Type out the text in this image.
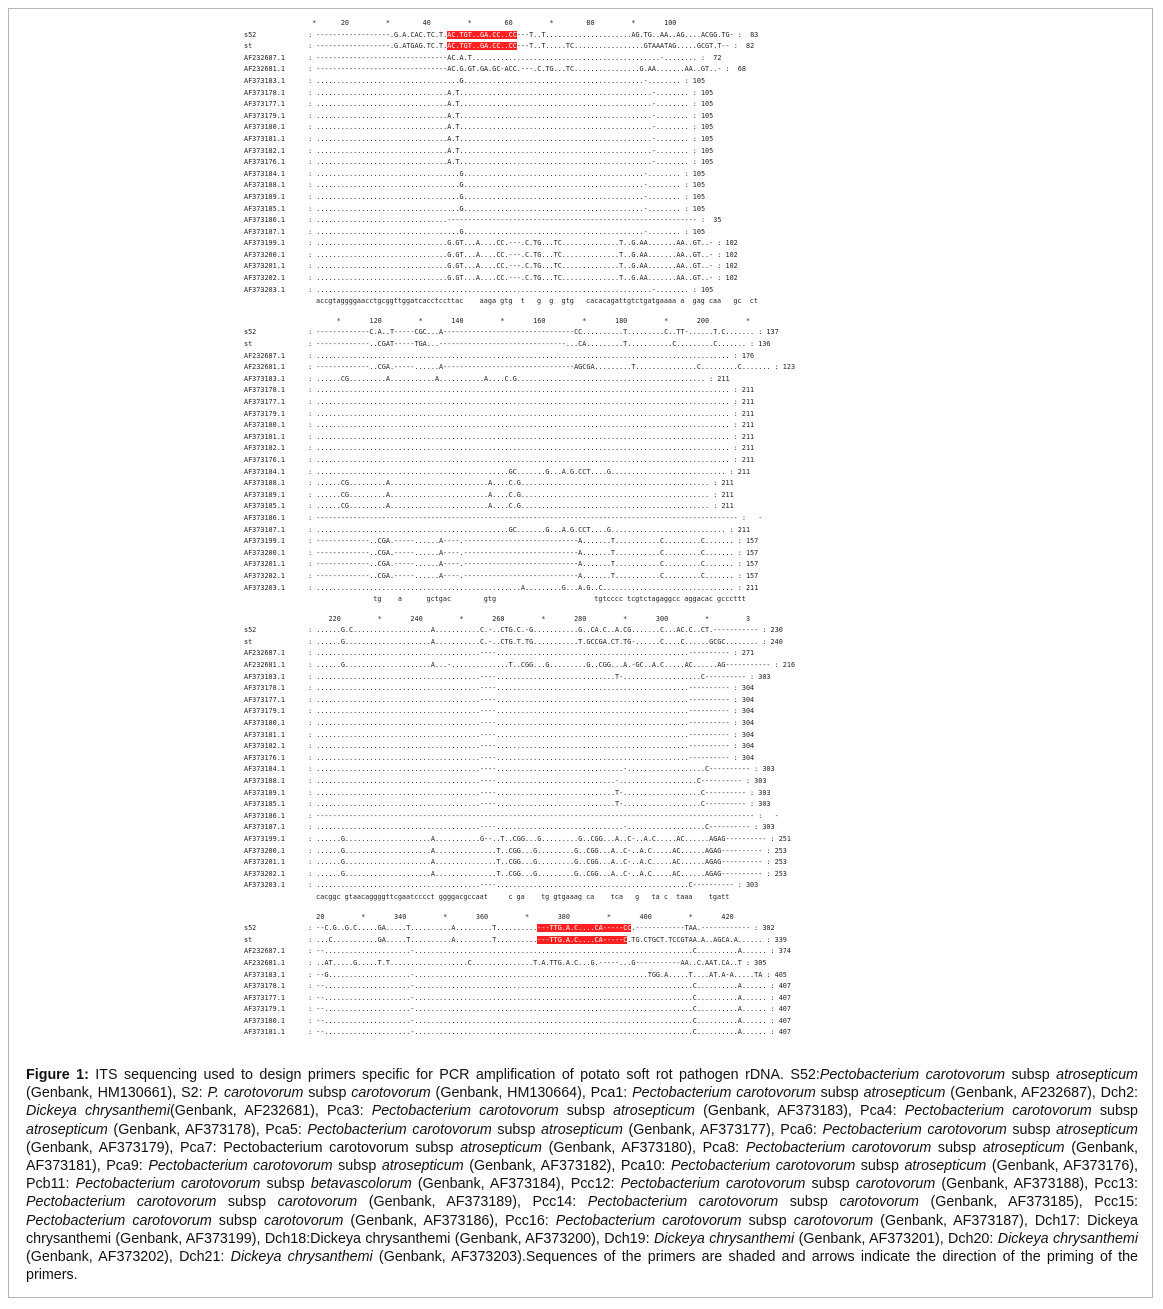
*      20         *        40         *        60         *        80         *       100
s52	: ------------------.G.A.CAC.TC.T.AC.TGT..GA.CC..CC---T..T.....................AG.TG..AA..AG....ACGG.TG- :  83
st	: ------------------.G.ATGAG.TC.T.AC.TGT..GA.CC..CC---T..T.....TC.................GTAAATAG.....GCGT.T-- :  82
AF232687.1	: --------------------------------AC.A.T..............................................-........ :  72
AF232681.1	: --------------------------------AC.G.GT.GA.GC-ACC.---.C.TG...TC................G.AA.......AA..GT..- :  68
AF373183.1	: ...................................G............................................-........ : 105
AF373178.1	: ................................A.T...............................................-........ : 105
AF373177.1	: ................................A.T...............................................-........ : 105
AF373179.1	: ................................A.T...............................................-........ : 105
AF373180.1	: ................................A.T...............................................-........ : 105
AF373181.1	: ................................A.T...............................................-........ : 105
AF373182.1	: ................................A.T...............................................-........ : 105
AF373176.1	: ................................A.T...............................................-........ : 105
AF373184.1	: ...................................G............................................-........ : 105
AF373188.1	: ...................................G............................................-........ : 105
AF373189.1	: ...................................G............................................-........ : 105
AF373185.1	: ...................................G............................................-........ : 105
AF373186.1	: ................................------------------------------------------------------------- :  35
AF373187.1	: ...................................G............................................-........ : 105
AF373199.1	: ................................G.GT...A....CC.---.C.TG...TC..............T..G.AA.......AA..GT..- : 102
AF373200.1	: ................................G.GT...A....CC.---.C.TG...TC..............T..G.AA.......AA..GT..- : 102
AF373201.1	: ................................G.GT...A....CC.---.C.TG...TC..............T..G.AA.......AA..GT..- : 102
AF373202.1	: ................................G.GT...A....CC.---.C.TG...TC..............T..G.AA.......AA..GT..- : 102
AF373203.1	: ..................................................................................-........ : 105
accgtaggggaacctgcggttggatcacctccttac    aaga gtg  t   g  g  gtg   cacacagattgtctgatgaaaa a  gag caa   gc  ct
*       120         *       140         *       160         *       180         *       200         *
s52	: -------------C.A..T-----CGC...A--------------------------------CC..........T.........C..TT-......T.C....... : 137
st	: -------------..CGAT-----TGA...-------------------------------...CA.........T...........C.........C....... : 136
AF232687.1	: ..................................................................................................... : 176
AF232681.1	: -------------..CGA.-----......A--------------------------------AGCGA.........T...............C.........C....... : 123
AF373183.1	: ......CG.........A...........A...........A....C.G.............................................. : 211
AF373178.1	: ..................................................................................................... : 211
AF373177.1	: ..................................................................................................... : 211
AF373179.1	: ..................................................................................................... : 211
AF373180.1	: ..................................................................................................... : 211
AF373181.1	: ..................................................................................................... : 211
AF373182.1	: ..................................................................................................... : 211
AF373176.1	: ..................................................................................................... : 211
AF373184.1	: ...............................................GC.......G...A.G.CCT....G............................ : 211
AF373188.1	: ......CG.........A........................A....C.G.............................................. : 211
AF373189.1	: ......CG.........A........................A....C.G.............................................. : 211
AF373185.1	: ......CG.........A........................A....C.G.............................................. : 211
AF373186.1	: ------------------------------------------------------------------------------------------------------- :   -
AF373187.1	: ...............................................GC.......G...A.G.CCT....G............................ : 211
AF373199.1	: -------------..CGA.-----......A----.----------------------------A.......T...........C.........C....... : 157
AF373200.1	: -------------..CGA.-----......A----.----------------------------A.......T...........C.........C....... : 157
AF373201.1	: -------------..CGA.-----......A----.----------------------------A.......T...........C.........C....... : 157
AF373202.1	: -------------..CGA.-----......A----.----------------------------A.......T...........C.........C....... : 157
AF373203.1	: ..................................................A.........G...A.G..C................................ : 211
tg    a      gctgac        gtg                        tgtcccc tcgtctagaggcc aggacac gcccttt
220         *       240         *       260         *       280         *       300         *         3
s52	: ......G.C...................A...........C.-..CTG.C.-G...........G..CA.C..A.CG.......C...AC.C..CT.----------- : 230
st	: ......G.....................A...........C.-..CTG.T.TG...........T.GCCGA.CT.TG-......C....C......GCGC........ : 240
AF232687.1	: ........................................----...............................................---------- : 271
AF232681.1	: ......G.....................A...-..............T..CGG...G.........G..CGG...A.-GC..A.C.....AC......AG----------- : 216
AF373183.1	: ........................................----.............................T-...................C---------- : 303
AF373178.1	: ........................................----...............................................---------- : 304
AF373177.1	: ........................................----...............................................---------- : 304
AF373179.1	: ........................................----...............................................---------- : 304
AF373180.1	: ........................................----...............................................---------- : 304
AF373181.1	: ........................................----...............................................---------- : 304
AF373182.1	: ........................................----...............................................---------- : 304
AF373176.1	: ........................................----...............................................---------- : 304
AF373184.1	: ........................................----...............................-...................C---------- : 303
AF373188.1	: ........................................----.............................-...................C---------- : 303
AF373189.1	: ........................................----.............................T-...................C---------- : 303
AF373185.1	: ........................................----.............................T-...................C---------- : 303
AF373186.1	: ----------------------------------------------------------------------------------------------------------- :   -
AF373187.1	: ........................................----...............................-...................C---------- : 303
AF373199.1	: ......G.....................A...........G--..T..CGG...G.........G..CGG...A..C-..A.C.....AC......AGAG---------- : 251
AF373200.1	: ......G.....................A...............T..CGG...G.........G..CGG...A..C-..A.C.....AC......AGAG---------- : 253
AF373201.1	: ......G.....................A...............T..CGG...G.........G..CGG...A..C-..A.C.....AC......AGAG---------- : 253
AF373202.1	: ......G.....................A...............T..CGG...G.........G..CGG...A..C-..A.C.....AC......AGAG---------- : 253
AF373203.1	: ........................................----...............................................C---------- : 303
cacggc gtaacaggggttcgaatcccct ggggacgccaat     c ga    tg gtgaaag ca    tca   g   ta c  taaa    tgatt
20         *       340         *       360         *       380         *       400         *       420
s52	: --C.G..G.C.....GA.....T..........A.........T..........---TTG.A.C....CA-----CC.------------TAA.------------ : 302
st	: ...C...........GA.....T..........A.........T..........---TTG.A.C....CA-----C.TG.CTGCT.TCCGTAA.A..AGCA.A...... : 339
AF232687.1	: --.....................-....................................................................C..........A...... : 374
AF232681.1	: ..AT.....G.....T.T...................C...............T.A.TTG.A.C...G.-----...G-----------AA..C.AAT.CA..T : 305
AF373183.1	: --G....................-.........................................................TGG.A.....T....AT.A-A.....TA : 405
AF373178.1	: --.....................-....................................................................C..........A...... : 407
AF373177.1	: --.....................-....................................................................C..........A...... : 407
AF373179.1	: --.....................-....................................................................C..........A...... : 407
AF373180.1	: --.....................-....................................................................C..........A...... : 407
AF373181.1	: --.....................-....................................................................C..........A...... : 407
Figure 1: ITS sequencing used to design primers specific for PCR amplification of potato soft rot pathogen rDNA. S52:Pectobacterium carotovorum subsp atrosepticum (Genbank, HM130661), S2: P. carotovorum subsp carotovorum (Genbank, HM130664), Pca1: Pectobacterium carotovorum subsp atrosepticum (Genbank, AF232687), Dch2: Dickeya chrysanthemi(Genbank, AF232681), Pca3: Pectobacterium carotovorum subsp atrosepticum (Genbank, AF373183), Pca4: Pectobacterium carotovorum subsp atrosepticum (Genbank, AF373178), Pca5: Pectobacterium carotovorum subsp atrosepticum (Genbank, AF373177), Pca6: Pectobacterium carotovorum subsp atrosepticum (Genbank, AF373179), Pca7: Pectobacterium carotovorum subsp atrosepticum (Genbank, AF373180), Pca8: Pectobacterium carotovorum subsp atrosepticum (Genbank, AF373181), Pca9: Pectobacterium carotovorum subsp atrosepticum (Genbank, AF373182), Pca10: Pectobacterium carotovorum subsp atrosepticum (Genbank, AF373176), Pcb11: Pectobacterium carotovorum subsp betavascolorum (Genbank, AF373184), Pcc12: Pectobacterium carotovorum subsp carotovorum (Genbank, AF373188), Pcc13: Pectobacterium carotovorum subsp carotovorum (Genbank, AF373189), Pcc14: Pectobacterium carotovorum subsp carotovorum (Genbank, AF373185), Pcc15: Pectobacterium carotovorum subsp carotovorum (Genbank, AF373186), Pcc16: Pectobacterium carotovorum subsp carotovorum (Genbank, AF373187), Dch17: Dickeya chrysanthemi (Genbank, AF373199), Dch18:Dickeya chrysanthemi (Genbank, AF373200), Dch19: Dickeya chrysanthemi (Genbank, AF373201), Dch20: Dickeya chrysanthemi (Genbank, AF373202), Dch21: Dickeya chrysanthemi (Genbank, AF373203).Sequences of the primers are shaded and arrows indicate the direction of the priming of the primers.
